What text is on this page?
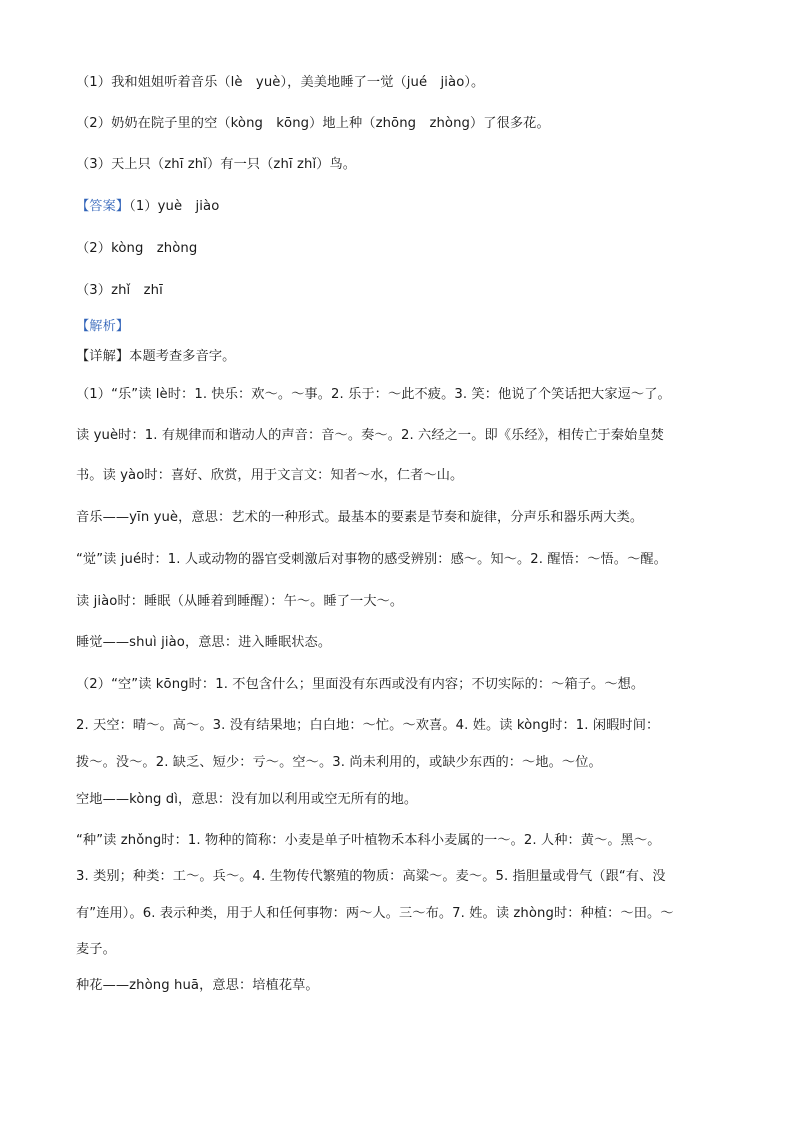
（1）我和姐姐听着音乐（lè　yuè），美美地睡了一觉（jué　jiào）。
（2）奶奶在院子里的空（kòng　kōng）地上种（zhōng　zhòng）了很多花。
（3）天上只（zhī zhǐ）有一只（zhī zhǐ）鸟。
【答案】（1）yuè　jiào
（2）kòng　zhòng
（3）zhǐ　zhī
【解析】
【详解】本题考查多音字。
（1）“乐”读 lè时：1. 快乐：欢～。～事。2. 乐于：～此不疲。3. 笑：他说了个笑话把大家逗～了。
读 yuè时：1. 有规律而和谐动人的声音：音～。奏～。2. 六经之一。即《乐经》，相传亡于秦始皇焚
书。读 yào时：喜好、欣赏，用于文言文：知者～水，仁者～山。
音乐——yīn yuè，意思：艺术的一种形式。最基本的要素是节奏和旋律，分声乐和器乐两大类。
“觉”读 jué时：1. 人或动物的器官受刺激后对事物的感受辨别：感～。知～。2. 醒悟：～悟。～醒。
读 jiào时：睡眠（从睡着到睡醒）：午～。睡了一大～。
睡觉——shuì jiào，意思：进入睡眠状态。
（2）“空”读 kōng时：1. 不包含什么；里面没有东西或没有内容；不切实际的：～箱子。～想。
2. 天空：晴～。高～。3. 没有结果地；白白地：～忙。～欢喜。4. 姓。读 kòng时：1. 闲暇时间：
拨～。没～。2. 缺乏、短少：亏～。空～。3. 尚未利用的，或缺少东西的：～地。～位。
空地——kòng dì，意思：没有加以利用或空无所有的地。
“种”读 zhǒng时：1. 物种的简称：小麦是单子叶植物禾本科小麦属的一～。2. 人种：黄～。黑～。
3. 类别；种类：工～。兵～。4. 生物传代繁殖的物质：高粱～。麦～。5. 指胆量或骨气（跟“有、没
有”连用）。6. 表示种类，用于人和任何事物：两～人。三～布。7. 姓。读 zhòng时：种植：～田。～
麦子。
种花——zhòng huā，意思：培植花草。
